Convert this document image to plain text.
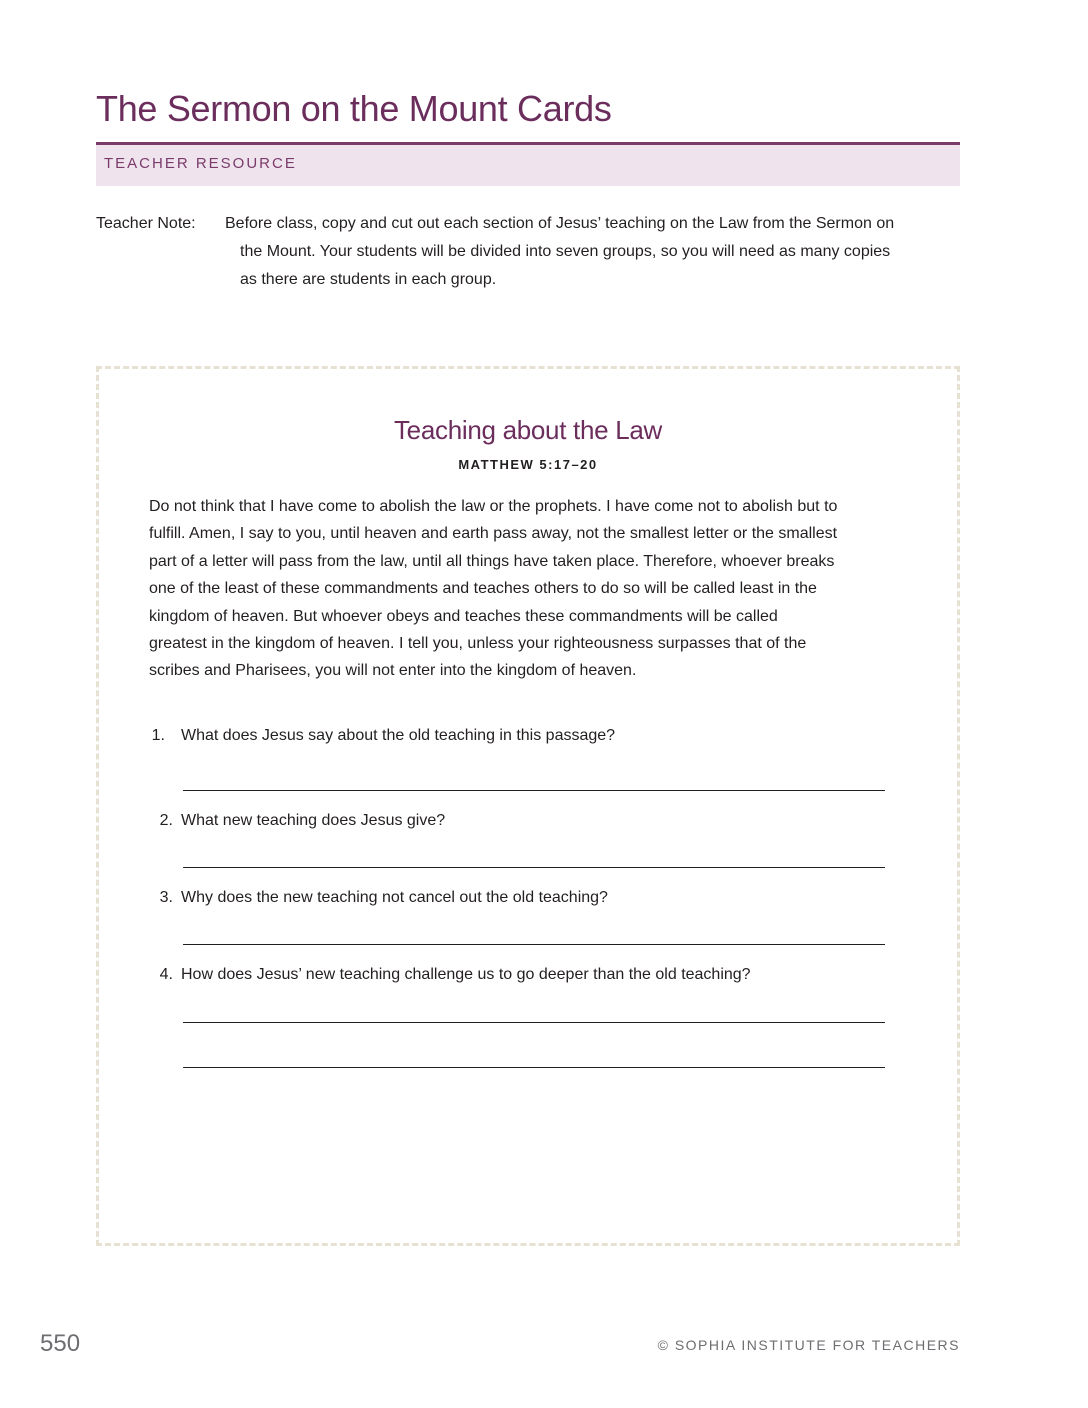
The Sermon on the Mount Cards
TEACHER RESOURCE
Teacher Note:	Before class, copy and cut out each section of Jesus’ teaching on the Law from the Sermon on the Mount. Your students will be divided into seven groups, so you will need as many copies as there are students in each group.

Teaching about the Law
MATTHEW 5:17–20

Do not think that I have come to abolish the law or the prophets. I have come not to abolish but to fulfill. Amen, I say to you, until heaven and earth pass away, not the smallest letter or the smallest part of a letter will pass from the law, until all things have taken place. Therefore, whoever breaks one of the least of these commandments and teaches others to do so will be called least in the kingdom of heaven. But whoever obeys and teaches these commandments will be called greatest in the kingdom of heaven. I tell you, unless your righteousness surpasses that of the scribes and Pharisees, you will not enter into the kingdom of heaven.

1. What does Jesus say about the old teaching in this passage?
2. What new teaching does Jesus give?
3. Why does the new teaching not cancel out the old teaching?
4. How does Jesus’ new teaching challenge us to go deeper than the old teaching?
550	© SOPHIA INSTITUTE FOR TEACHERS
